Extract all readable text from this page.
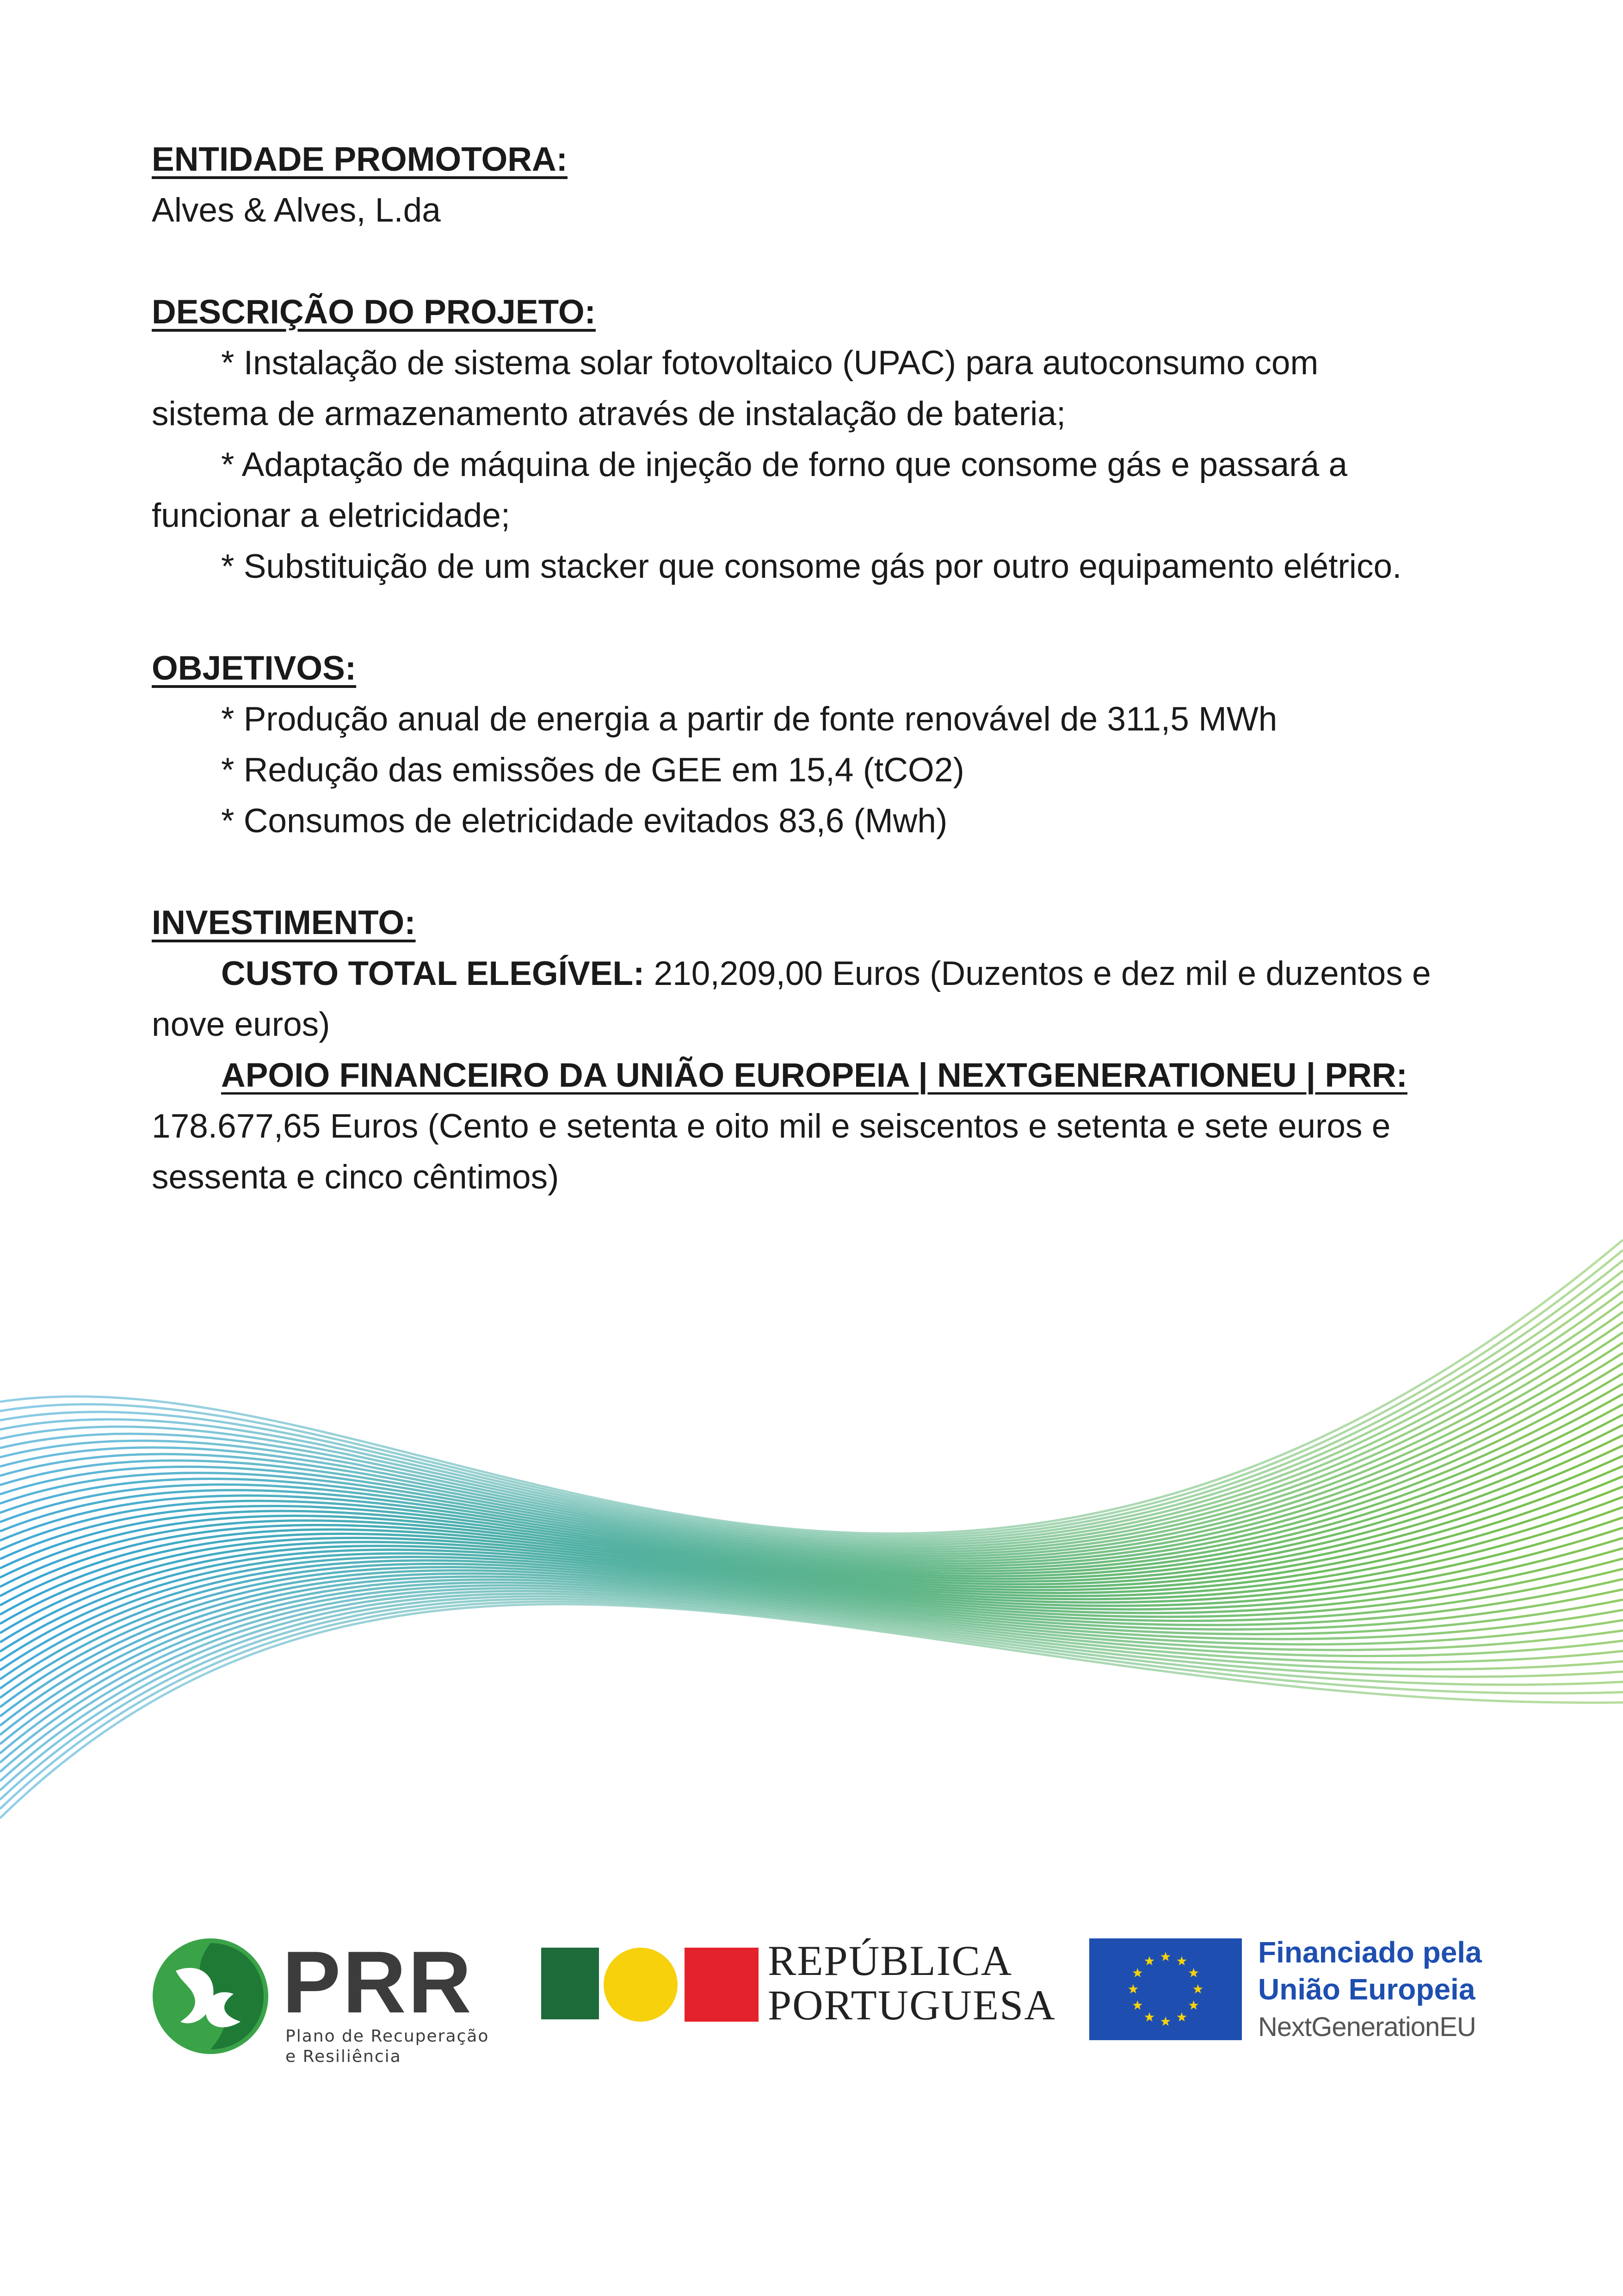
ENTIDADE PROMOTORA:
Alves & Alves, L.da
DESCRIÇÃO DO PROJETO:
* Instalação de sistema solar fotovoltaico (UPAC) para autoconsumo com
sistema de armazenamento através de instalação de bateria;
* Adaptação de máquina de injeção de forno que consome gás e passará a
funcionar a eletricidade;
* Substituição de um stacker que consome gás por outro equipamento elétrico.
OBJETIVOS:
* Produção anual de energia a partir de fonte renovável de 311,5 MWh
* Redução das emissões de GEE em 15,4 (tCO2)
* Consumos de eletricidade evitados 83,6 (Mwh)
INVESTIMENTO:
CUSTO TOTAL ELEGÍVEL: 210,209,00 Euros (Duzentos e dez mil e duzentos e
nove euros)
APOIO FINANCEIRO DA UNIÃO EUROPEIA | NEXTGENERATIONEU | PRR:
178.677,65 Euros (Cento e setenta e oito mil e seiscentos e setenta e sete euros e
sessenta e cinco cêntimos)
PRR
Plano de Recuperação
e Resiliência
REPÚBLICA
PORTUGUESA
Financiado pela
União Europeia
NextGenerationEU
